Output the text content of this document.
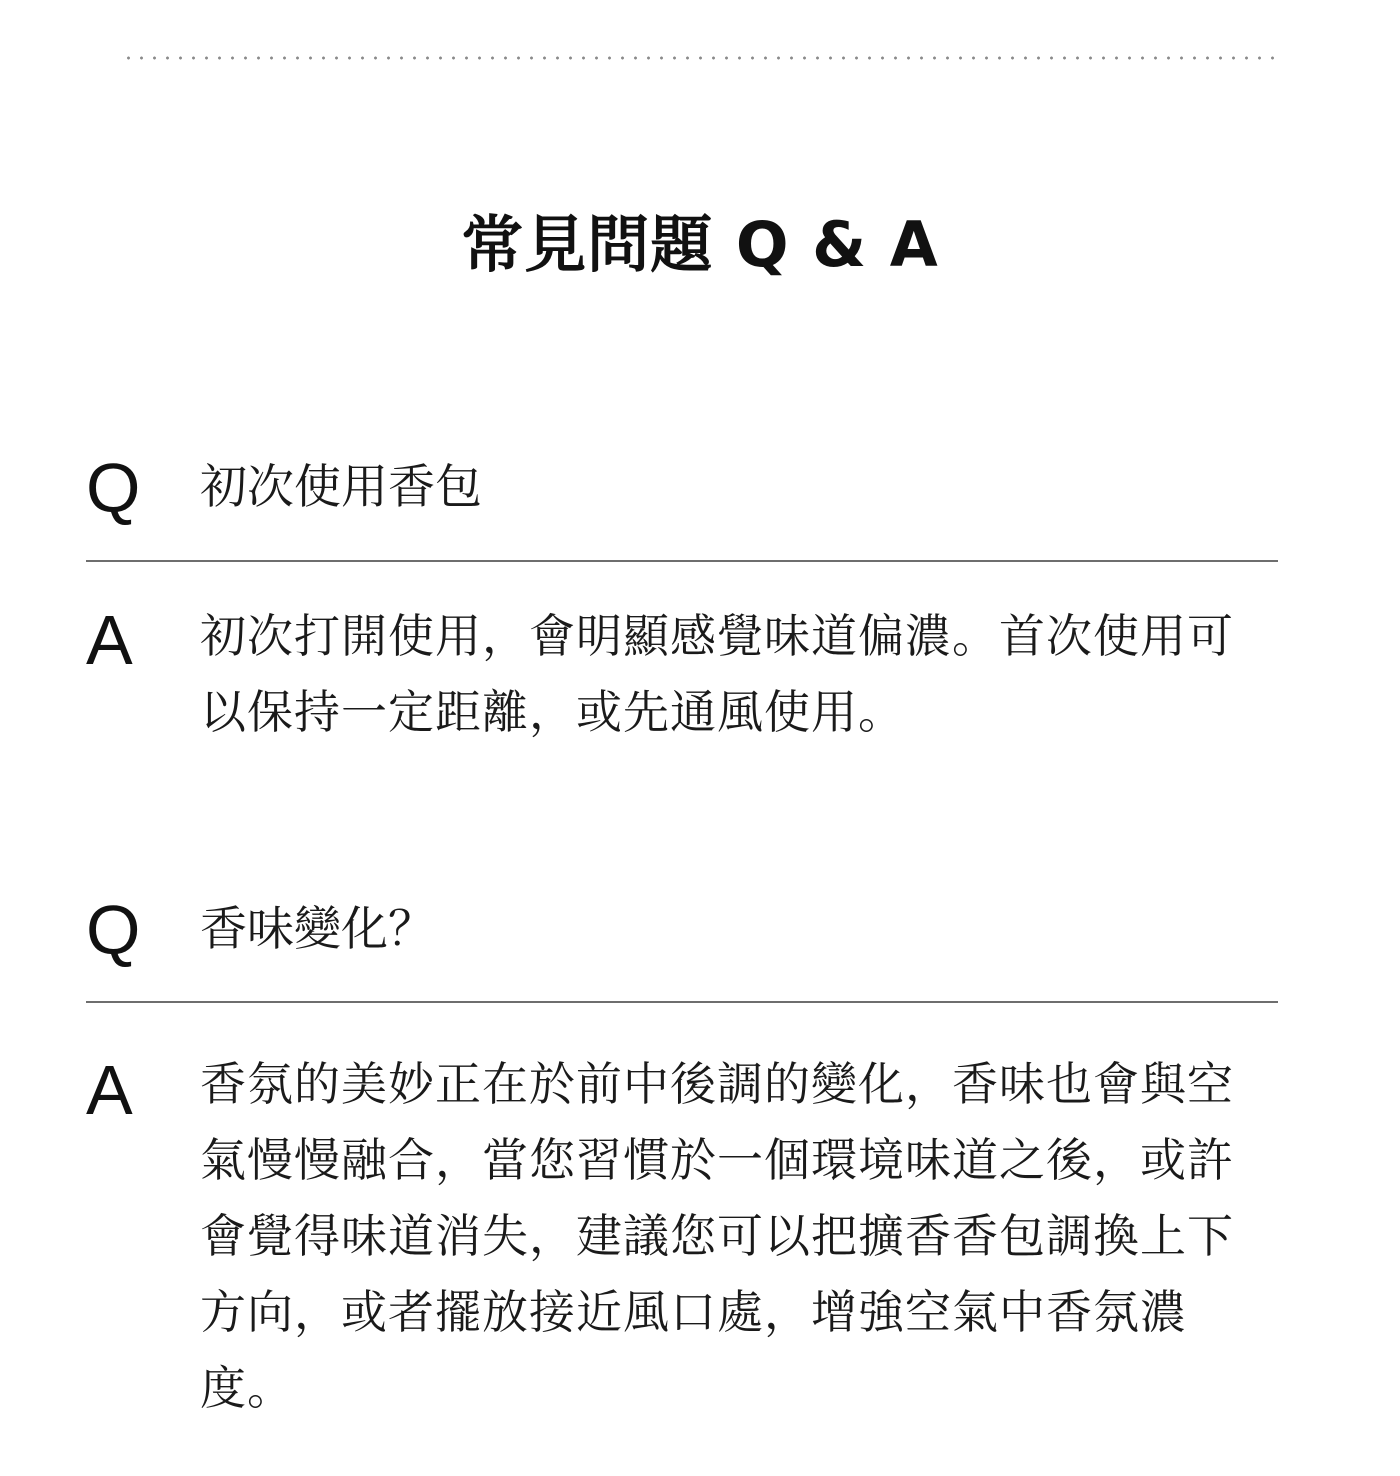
常見問題 Q & A
Q	初次使用香包
A	初次打開使用，會明顯感覺味道偏濃。首次使用可以保持一定距離，或先通風使用。
Q	香味變化？
A	香氛的美妙正在於前中後調的變化，香味也會與空氣慢慢融合，當您習慣於一個環境味道之後，或許會覺得味道消失，建議您可以把擴香香包調換上下方向，或者擺放接近風口處，增強空氣中香氛濃度。
